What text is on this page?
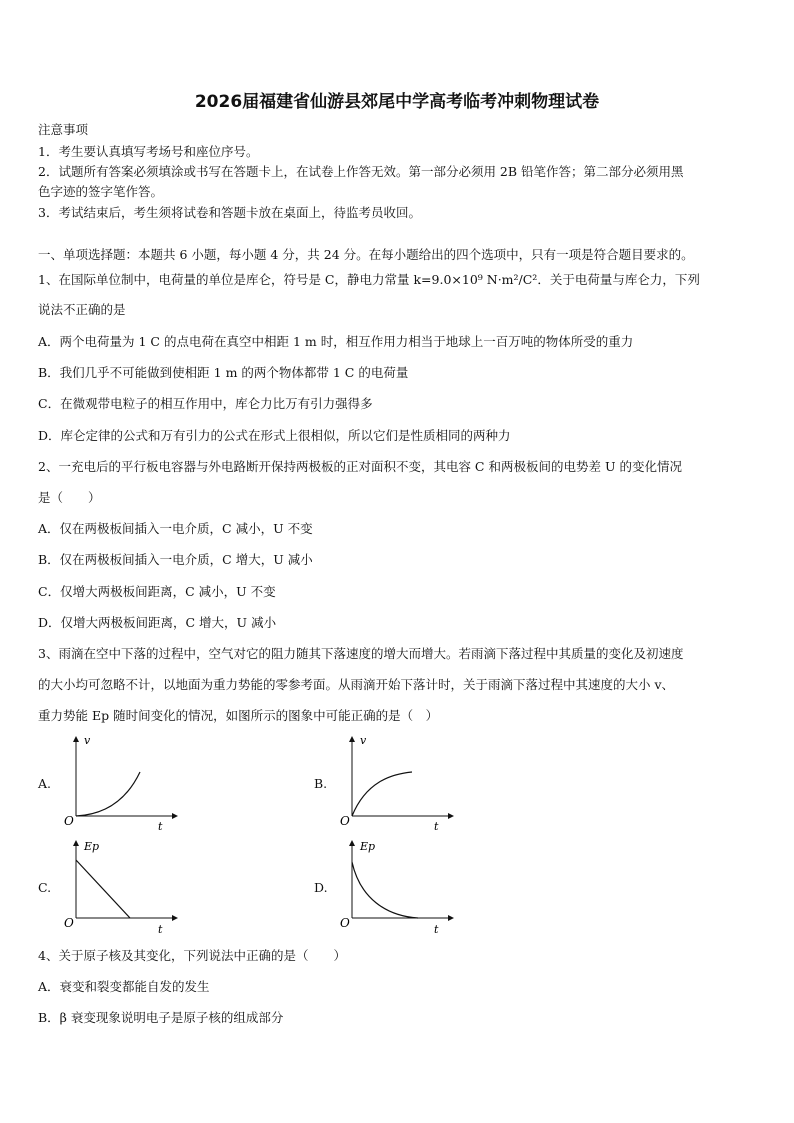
2026届福建省仙游县郊尾中学高考临考冲刺物理试卷
注意事项
1．考生要认真填写考场号和座位序号。
2．试题所有答案必须填涂或书写在答题卡上，在试卷上作答无效。第一部分必须用 2B 铅笔作答；第二部分必须用黑
色字迹的签字笔作答。
3．考试结束后，考生须将试卷和答题卡放在桌面上，待监考员收回。
一、单项选择题：本题共 6 小题，每小题 4 分，共 24 分。在每小题给出的四个选项中，只有一项是符合题目要求的。
1、在国际单位制中，电荷量的单位是库仑，符号是 C，静电力常量 k=9.0×10⁹ N·m²/C²．关于电荷量与库仑力，下列
说法不正确的是
A．两个电荷量为 1 C 的点电荷在真空中相距 1 m 时，相互作用力相当于地球上一百万吨的物体所受的重力
B．我们几乎不可能做到使相距 1 m 的两个物体都带 1 C 的电荷量
C．在微观带电粒子的相互作用中，库仑力比万有引力强得多
D．库仑定律的公式和万有引力的公式在形式上很相似，所以它们是性质相同的两种力
2、一充电后的平行板电容器与外电路断开保持两极板的正对面积不变，其电容 C 和两极板间的电势差 U 的变化情况
是（　　）
A．仅在两极板间插入一电介质，C 减小，U 不变
B．仅在两极板间插入一电介质，C 增大，U 减小
C．仅增大两极板间距离，C 减小，U 不变
D．仅增大两极板间距离，C 增大，U 减小
3、雨滴在空中下落的过程中，空气对它的阻力随其下落速度的增大而增大。若雨滴下落过程中其质量的变化及初速度
的大小均可忽略不计，以地面为重力势能的零参考面。从雨滴开始下落计时，关于雨滴下落过程中其速度的大小 v、
重力势能 Ep 随时间变化的情况，如图所示的图象中可能正确的是（　）
A.
v
t
O
B.
v
t
O
C.
Ep
t
O
D.
Ep
t
O
4、关于原子核及其变化，下列说法中正确的是（　　）
A．衰变和裂变都能自发的发生
B．β 衰变现象说明电子是原子核的组成部分
